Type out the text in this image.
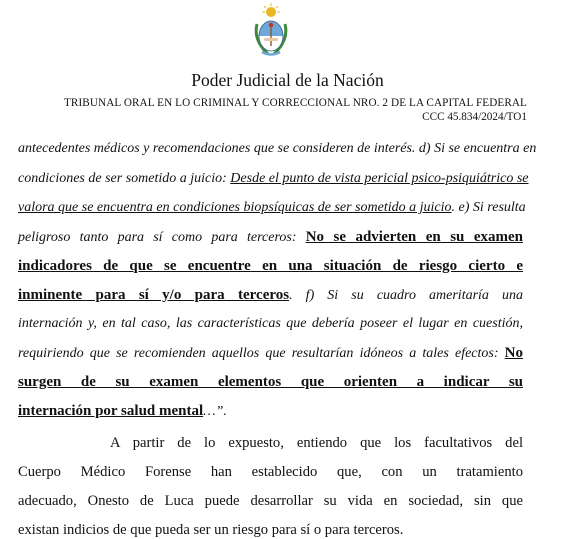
Poder Judicial de la Nación
TRIBUNAL ORAL EN LO CRIMINAL Y CORRECCIONAL NRO. 2 DE LA CAPITAL FEDERAL
CCC 45.834/2024/TO1
antecedentes médicos y recomendaciones que se consideren de interés. d) Si se encuentra en
condiciones de ser sometido a juicio: Desde el punto de vista pericial psico-psiquiátrico se
valora que se encuentra en condiciones biopsíquicas de ser sometido a juicio. e) Si resulta
peligroso tanto para sí como para terceros: No se advierten en su examen
indicadores de que se encuentre en una situación de riesgo cierto e
inminente para sí y/o para terceros. f) Si su cuadro ameritaría una
internación y, en tal caso, las características que debería poseer el lugar en cuestión,
requiriendo que se recomienden aquellos que resultarían idóneos a tales efectos: No
surgen de su examen elementos que orienten a indicar su
internación por salud mental…”.
A partir de lo expuesto, entiendo que los facultativos del
Cuerpo Médico Forense han establecido que, con un tratamiento
adecuado, Onesto de Luca puede desarrollar su vida en sociedad, sin que
existan indicios de que pueda ser un riesgo para sí o para terceros.
